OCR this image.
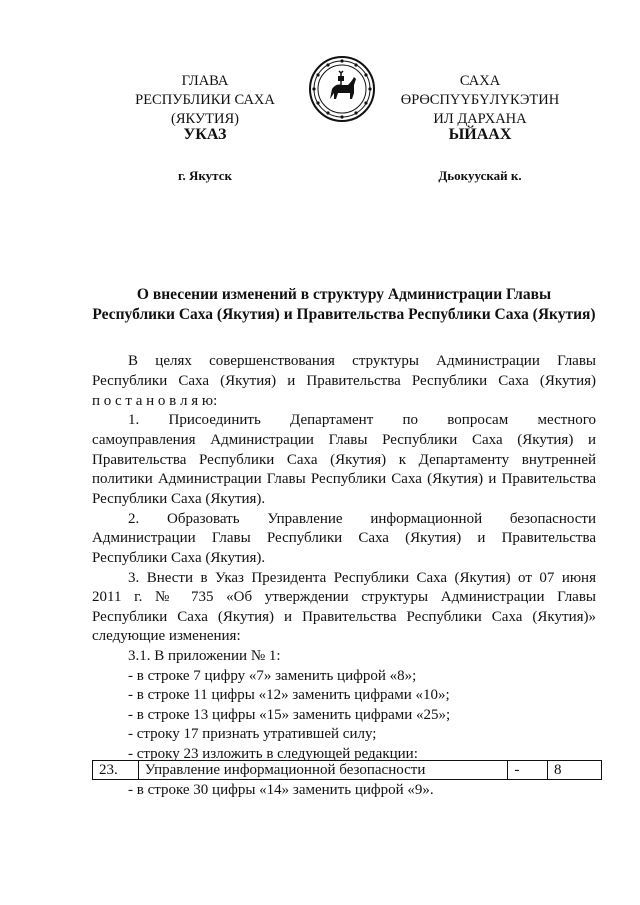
ГЛАВА
РЕСПУБЛИКИ САХА (ЯКУТИЯ)
САХА ӨРӨСПҮҮБҮЛҮКЭТИН
ИЛ ДАРХАНА
УКАЗ	ЫЙААХ
г. Якутск	Дьокуускай к.
О внесении изменений в структуру Администрации Главы
Республики Саха (Якутия) и Правительства Республики Саха (Якутия)
В целях совершенствования структуры Администрации Главы
Республики Саха (Якутия) и Правительства Республики Саха (Якутия)
п о с т а н о в л я ю:
1. Присоединить Департамент по вопросам местного
самоуправления Администрации Главы Республики Саха (Якутия) и
Правительства Республики Саха (Якутия) к Департаменту внутренней
политики Администрации Главы Республики Саха (Якутия) и Правительства
Республики Саха (Якутия).
2. Образовать Управление информационной безопасности
Администрации Главы Республики Саха (Якутия) и Правительства
Республики Саха (Якутия).
3. Внести в Указ Президента Республики Саха (Якутия) от 07 июня
2011 г. № 735 «Об утверждении структуры Администрации Главы
Республики Саха (Якутия) и Правительства Республики Саха (Якутия)»
следующие изменения:
3.1. В приложении № 1:
- в строке 7 цифру «7» заменить цифрой «8»;
- в строке 11 цифры «12» заменить цифрами «10»;
- в строке 13 цифры «15» заменить цифрами «25»;
- строку 17 признать утратившей силу;
- строку 23 изложить в следующей редакции:
23.	Управление информационной безопасности	-	8
- в строке 30 цифры «14» заменить цифрой «9».
